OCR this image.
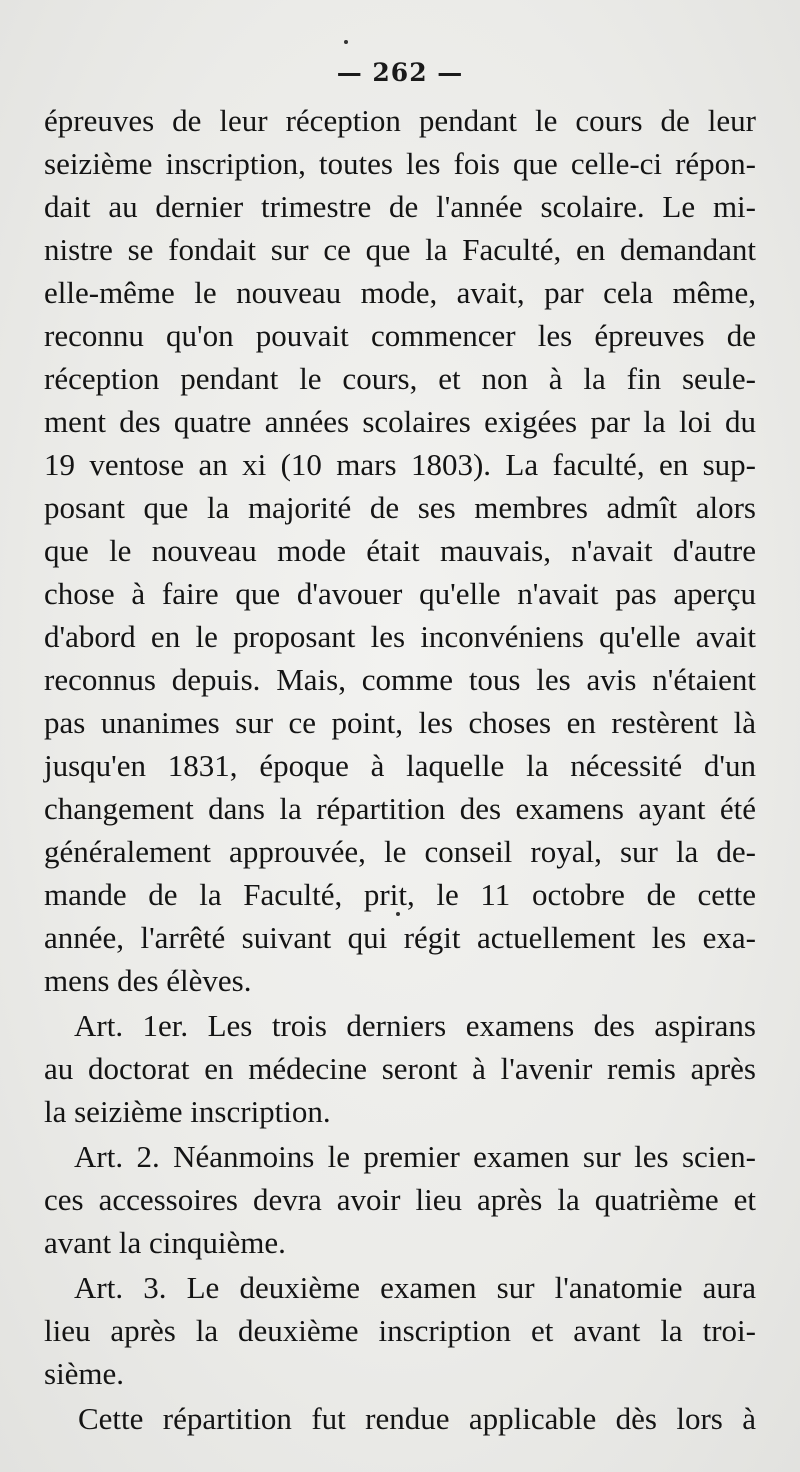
— 262 —
épreuves de leur réception pendant le cours de leur
seizième inscription, toutes les fois que celle-ci répon-
dait au dernier trimestre de l'année scolaire. Le mi-
nistre se fondait sur ce que la Faculté, en demandant
elle-même le nouveau mode, avait, par cela même,
reconnu qu'on pouvait commencer les épreuves de
réception pendant le cours, et non à la fin seule-
ment des quatre années scolaires exigées par la loi du
19 ventose an xi (10 mars 1803). La faculté, en sup-
posant que la majorité de ses membres admît alors
que le nouveau mode était mauvais, n'avait d'autre
chose à faire que d'avouer qu'elle n'avait pas aperçu
d'abord en le proposant les inconvéniens qu'elle avait
reconnus depuis. Mais, comme tous les avis n'étaient
pas unanimes sur ce point, les choses en restèrent là
jusqu'en 1831, époque à laquelle la nécessité d'un
changement dans la répartition des examens ayant été
généralement approuvée, le conseil royal, sur la de-
mande de la Faculté, prit, le 11 octobre de cette
année, l'arrêté suivant qui régit actuellement les exa-
mens des élèves.
Art. 1er. Les trois derniers examens des aspirans
au doctorat en médecine seront à l'avenir remis après
la seizième inscription.
Art. 2. Néanmoins le premier examen sur les scien-
ces accessoires devra avoir lieu après la quatrième et
avant la cinquième.
Art. 3. Le deuxième examen sur l'anatomie aura
lieu après la deuxième inscription et avant la troi-
sième.
Cette répartition fut rendue applicable dès lors à
